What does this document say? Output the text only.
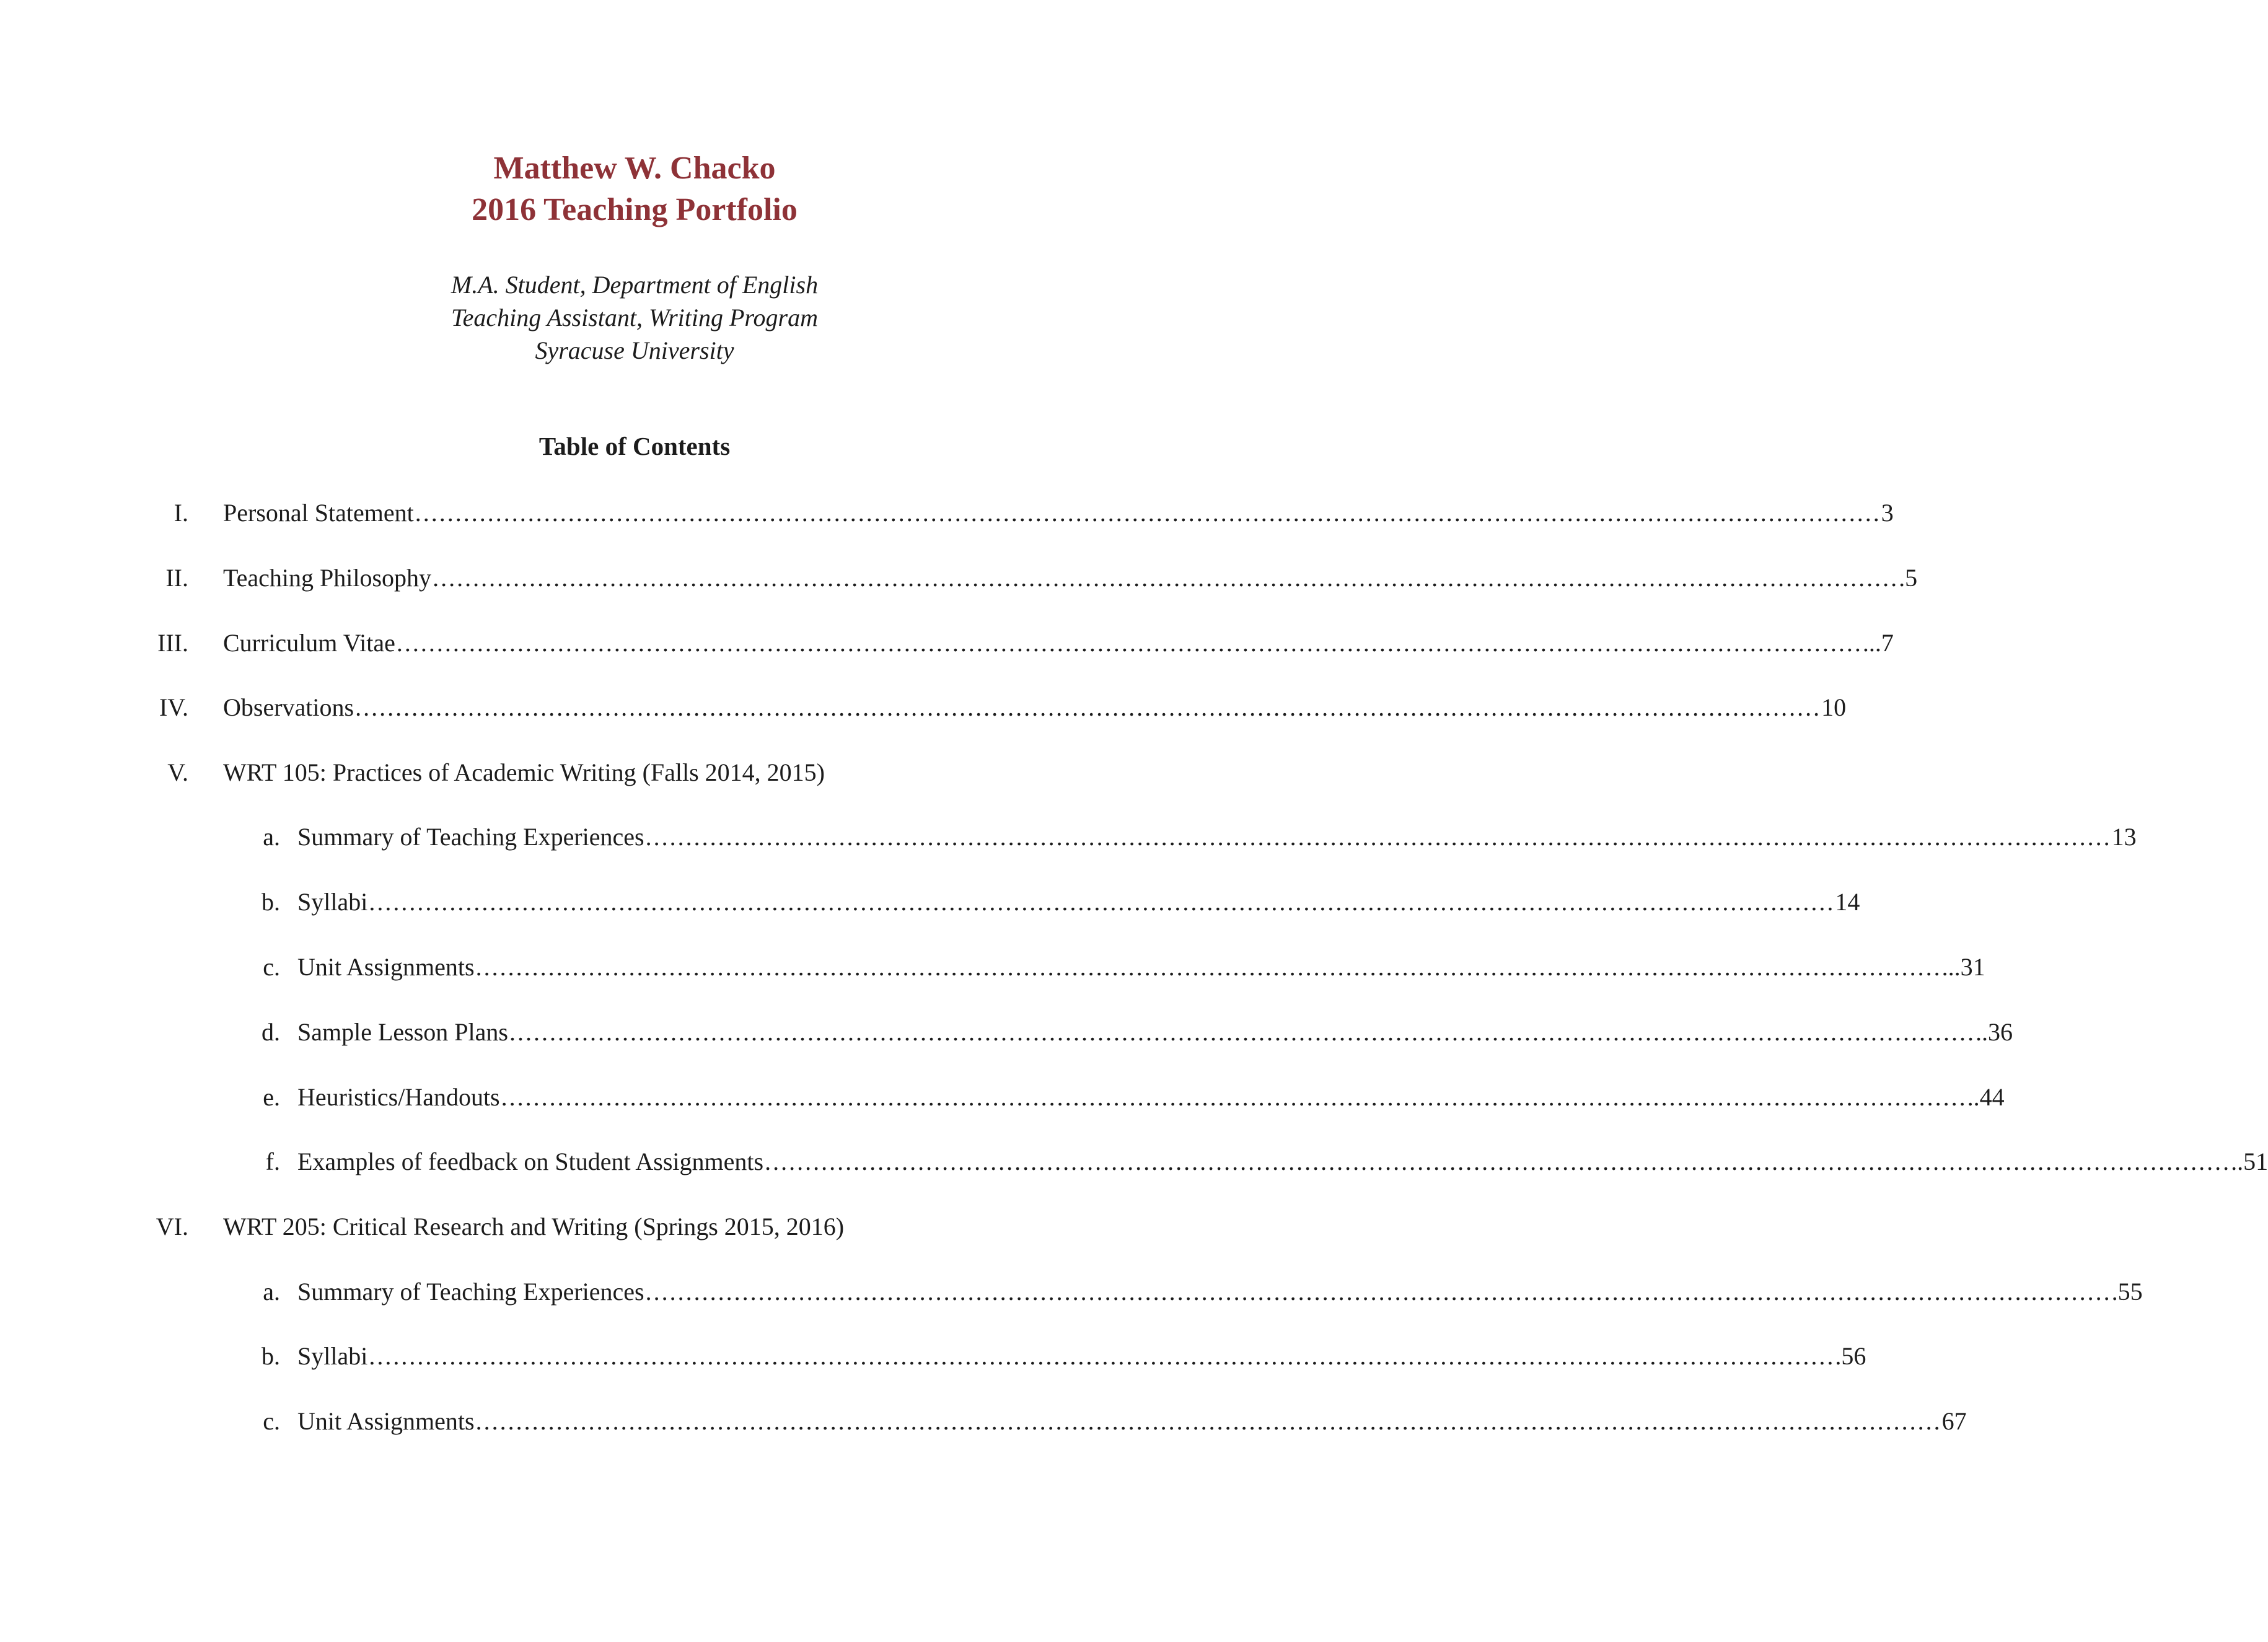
Matthew W. Chacko
2016 Teaching Portfolio
M.A. Student, Department of English
Teaching Assistant, Writing Program
Syracuse University
Table of Contents
I. Personal Statement ...................................................................................................................................................................................... 3
II. Teaching Philosophy ...................................................................................................................................................................................... .5
III. Curriculum Vitae ...................................................................................................................................................................................... ...7
IV. Observations ...................................................................................................................................................................................... 10
V. WRT 105: Practices of Academic Writing (Falls 2014, 2015)
a. Summary of Teaching Experiences ...................................................................................................................................................................................... 13
b. Syllabi ...................................................................................................................................................................................... 14
c. Unit Assignments ...................................................................................................................................................................................... ...31
d. Sample Lesson Plans ...................................................................................................................................................................................... ..36
e. Heuristics/Handouts ...................................................................................................................................................................................... ..44
f. Examples of feedback on Student Assignments ...................................................................................................................................................................................... ..51
VI. WRT 205: Critical Research and Writing (Springs 2015, 2016)
a. Summary of Teaching Experiences ...................................................................................................................................................................................... .55
b. Syllabi ...................................................................................................................................................................................... .56
c. Unit Assignments ...................................................................................................................................................................................... 67
